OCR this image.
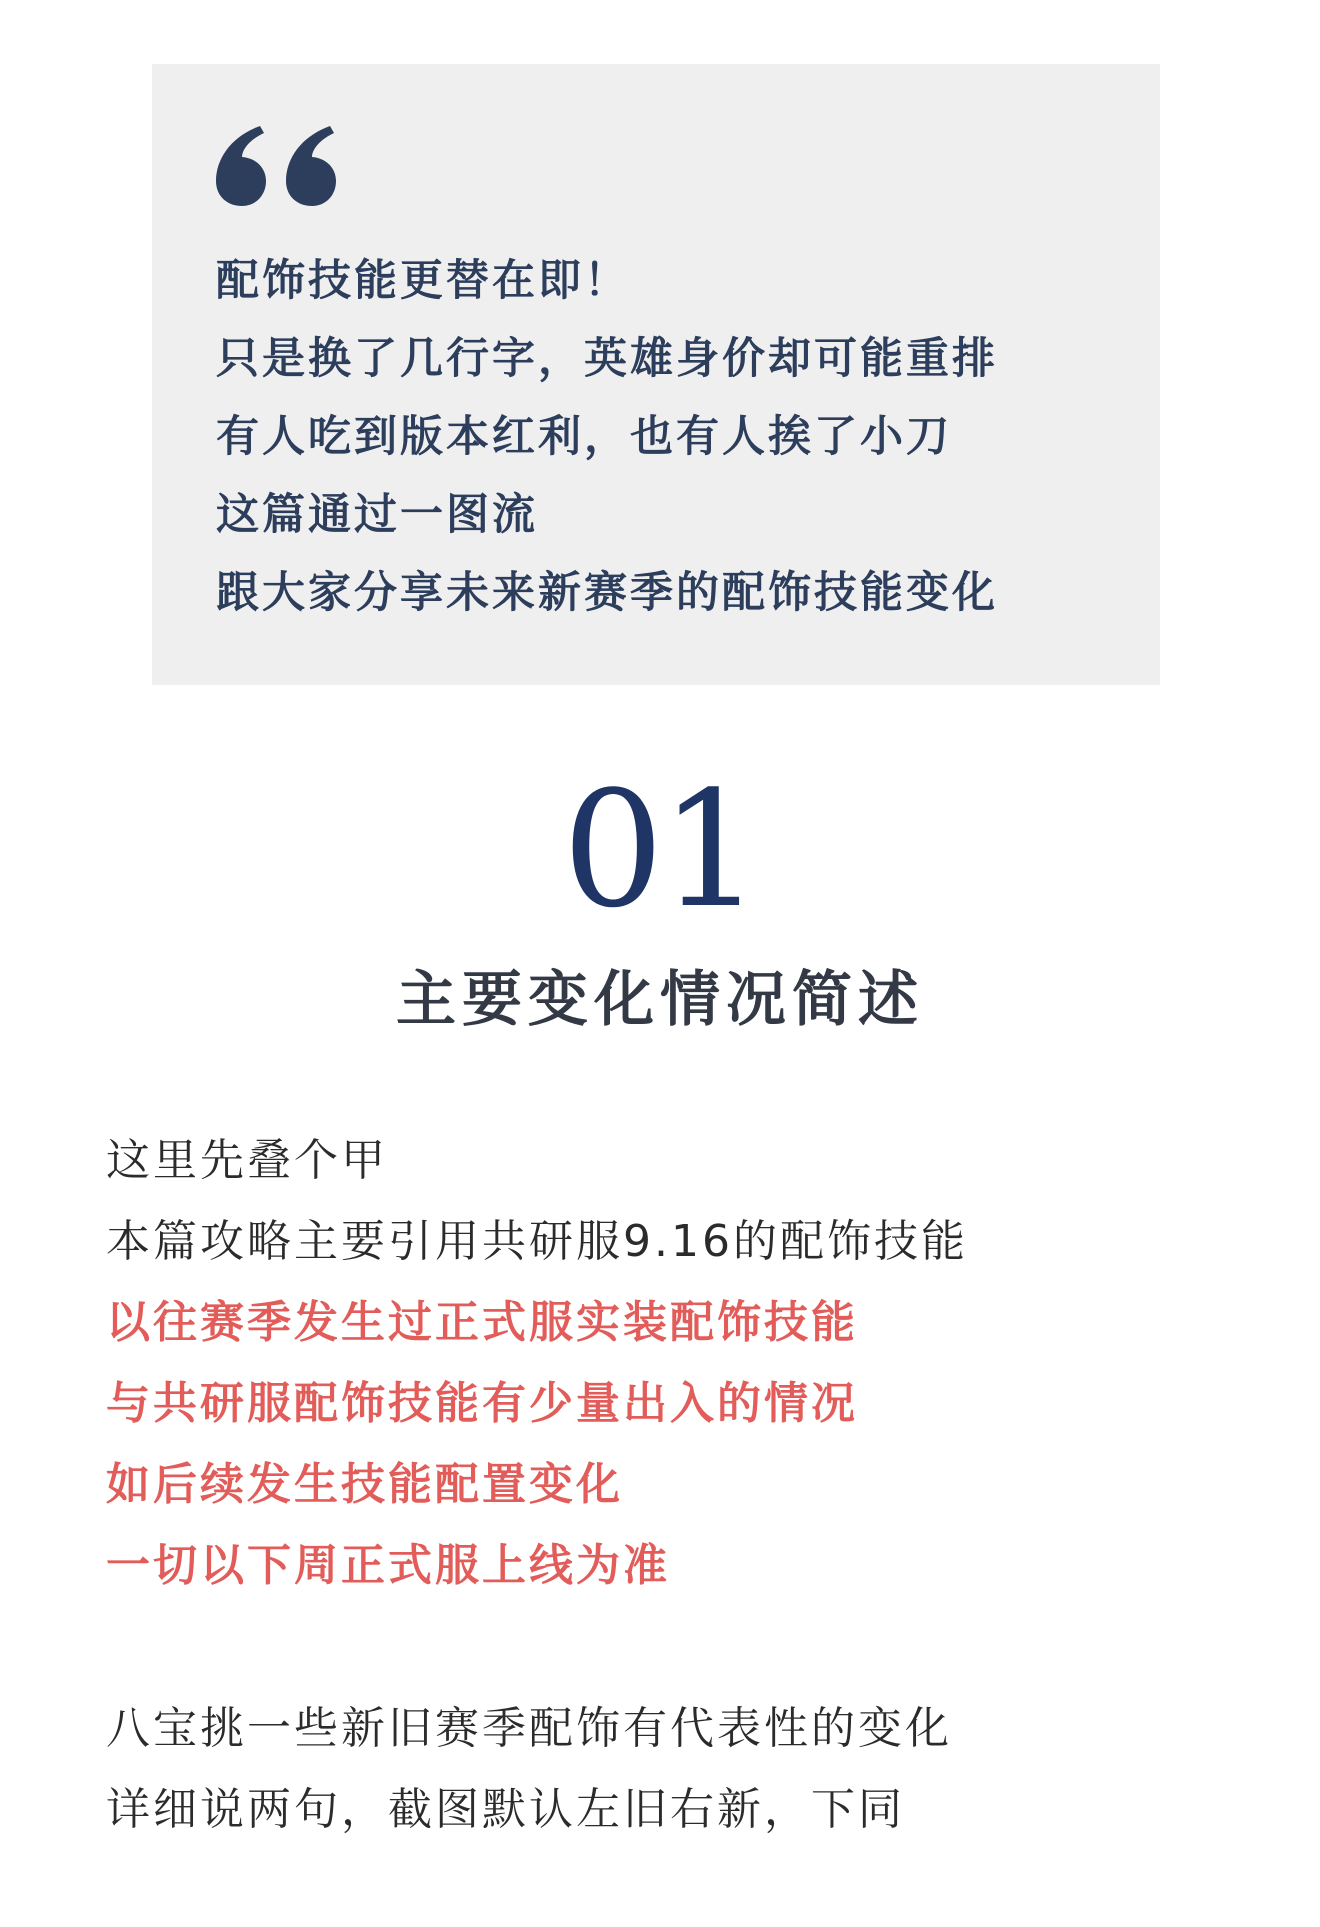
配饰技能更替在即！
只是换了几行字，英雄身价却可能重排
有人吃到版本红利，也有人挨了小刀
这篇通过一图流
跟大家分享未来新赛季的配饰技能变化
01
主要变化情况简述
这里先叠个甲
本篇攻略主要引用共研服9.16的配饰技能
以往赛季发生过正式服实装配饰技能
与共研服配饰技能有少量出入的情况
如后续发生技能配置变化
一切以下周正式服上线为准
八宝挑一些新旧赛季配饰有代表性的变化
详细说两句，截图默认左旧右新，下同
